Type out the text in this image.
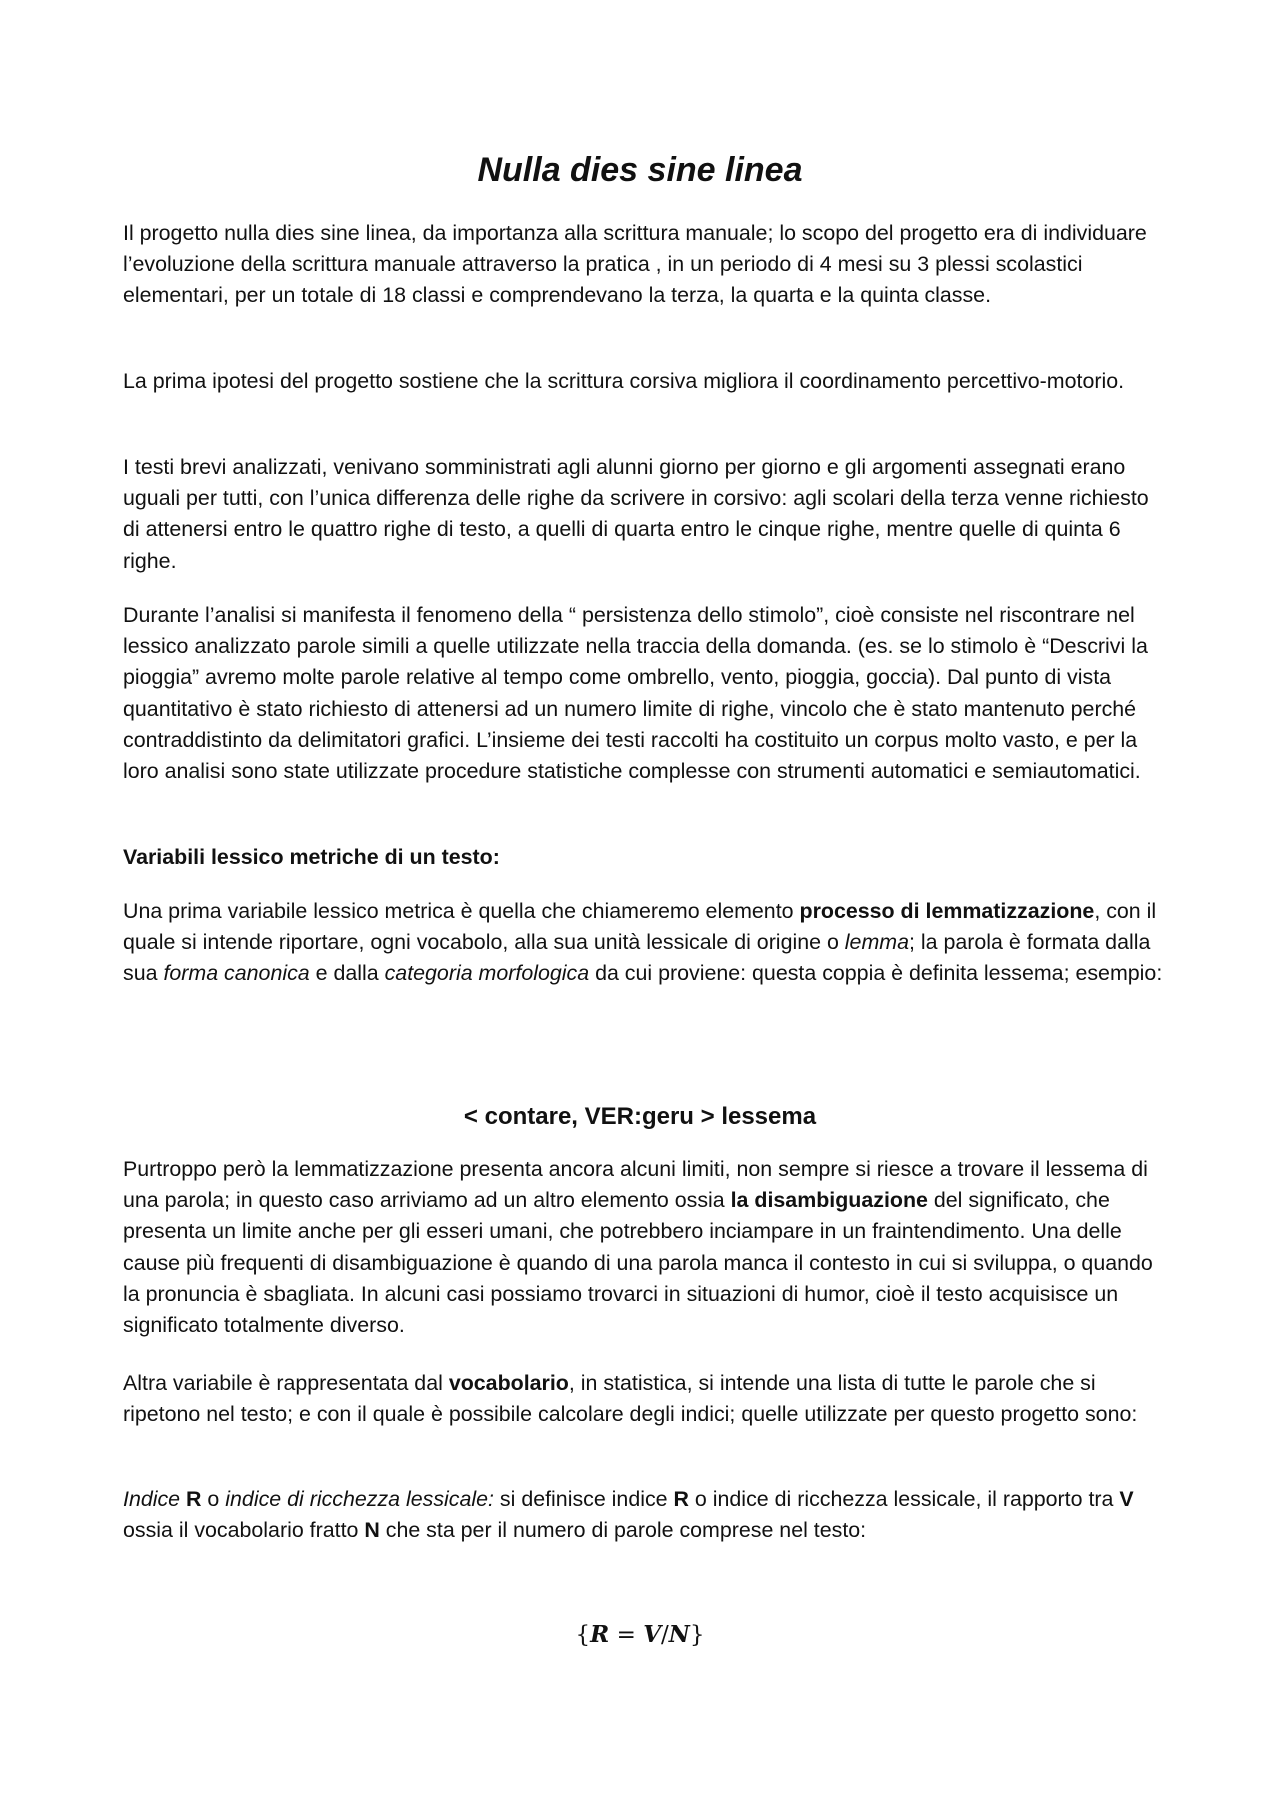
Nulla dies sine linea

Il progetto nulla dies sine linea, da importanza alla scrittura manuale; lo scopo del progetto era di individuare l’evoluzione della scrittura manuale attraverso la pratica , in un periodo di 4 mesi su 3 plessi scolastici elementari, per un totale di 18 classi e comprendevano la terza, la quarta e la quinta classe.

La prima ipotesi del progetto sostiene che la scrittura corsiva migliora il coordinamento percettivo-motorio.

I testi brevi analizzati, venivano somministrati agli alunni giorno per giorno e gli argomenti assegnati erano uguali per tutti, con l’unica differenza delle righe da scrivere in corsivo: agli scolari della terza venne richiesto di attenersi entro le quattro righe di testo, a quelli di quarta entro le cinque righe, mentre quelle di quinta 6 righe.

Durante l’analisi si manifesta il fenomeno della “ persistenza dello stimolo”, cioè consiste nel riscontrare nel lessico analizzato parole simili a quelle utilizzate nella traccia della domanda. (es. se lo stimolo è “Descrivi la pioggia” avremo molte parole relative al tempo come ombrello, vento, pioggia, goccia). Dal punto di vista quantitativo è stato richiesto di attenersi ad un numero limite di righe, vincolo che è stato mantenuto perché contraddistinto da delimitatori grafici. L’insieme dei testi raccolti ha costituito un corpus molto vasto, e per la loro analisi sono state utilizzate procedure statistiche complesse con strumenti automatici e semiautomatici.

Variabili lessico metriche di un testo:

Una prima variabile lessico metrica è quella che chiameremo elemento processo di lemmatizzazione, con il quale si intende riportare, ogni vocabolo, alla sua unità lessicale di origine o lemma; la parola è formata dalla sua forma canonica e dalla categoria morfologica da cui proviene: questa coppia è definita lessema; esempio:

< contare, VER:geru > lessema

Purtroppo però la lemmatizzazione presenta ancora alcuni limiti, non sempre si riesce a trovare il lessema di una parola; in questo caso arriviamo ad un altro elemento ossia la disambiguazione del significato, che presenta un limite anche per gli esseri umani, che potrebbero inciampare in un fraintendimento. Una delle cause più frequenti di disambiguazione è quando di una parola manca il contesto in cui si sviluppa, o quando la pronuncia è sbagliata. In alcuni casi possiamo trovarci in situazioni di humor, cioè il testo acquisisce un significato totalmente diverso.

Altra variabile è rappresentata dal vocabolario, in statistica, si intende una lista di tutte le parole che si ripetono nel testo; e con il quale è possibile calcolare degli indici; quelle utilizzate per questo progetto sono:

Indice R o indice di ricchezza lessicale: si definisce indice R o indice di ricchezza lessicale, il rapporto tra V ossia il vocabolario fratto N che sta per il numero di parole comprese nel testo:

{R = V/N}
